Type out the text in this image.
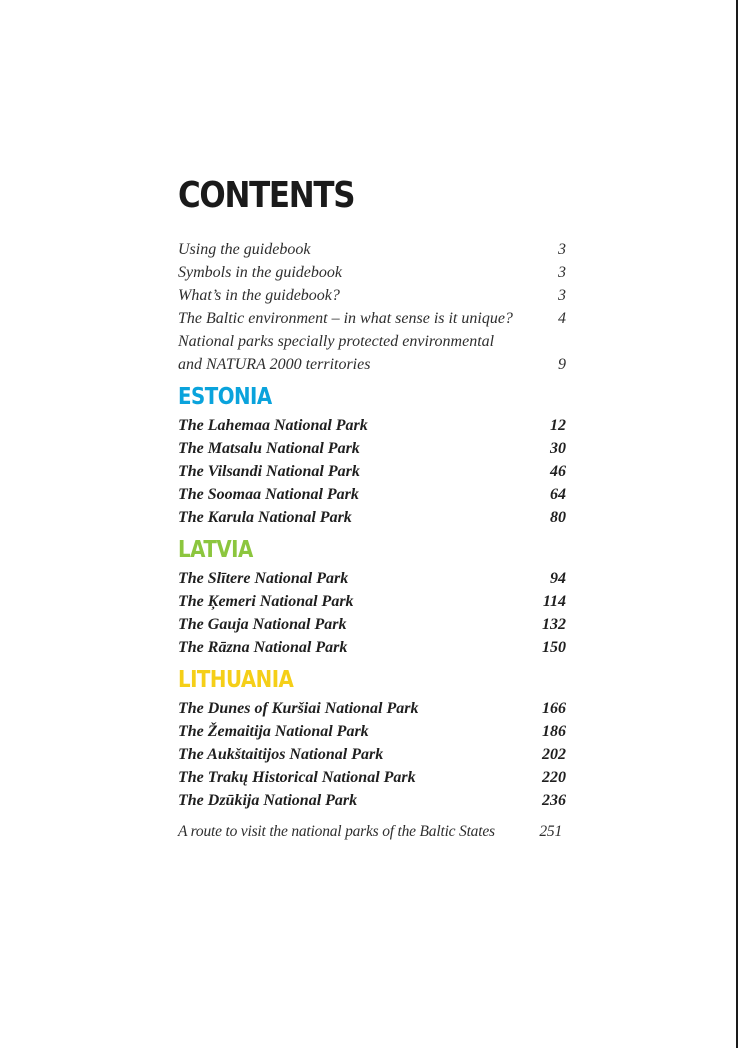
CONTENTS
Using the guidebook	3
Symbols in the guidebook	3
What’s in the guidebook?	3
The Baltic environment – in what sense is it unique?	4
National parks specially protected environmental
and NATURA 2000 territories	9
ESTONIA
The Lahemaa National Park	12
The Matsalu National Park	30
The Vilsandi National Park	46
The Soomaa National Park	64
The Karula National Park	80
LATVIA
The Slītere National Park	94
The Ķemeri National Park	114
The Gauja National Park	132
The Rāzna National Park	150
LITHUANIA
The Dunes of Kuršiai National Park	166
The Žemaitija National Park	186
The Aukštaitijos National Park	202
The Trakų Historical National Park	220
The Dzūkija National Park	236
A route to visit the national parks of the Baltic States	251
